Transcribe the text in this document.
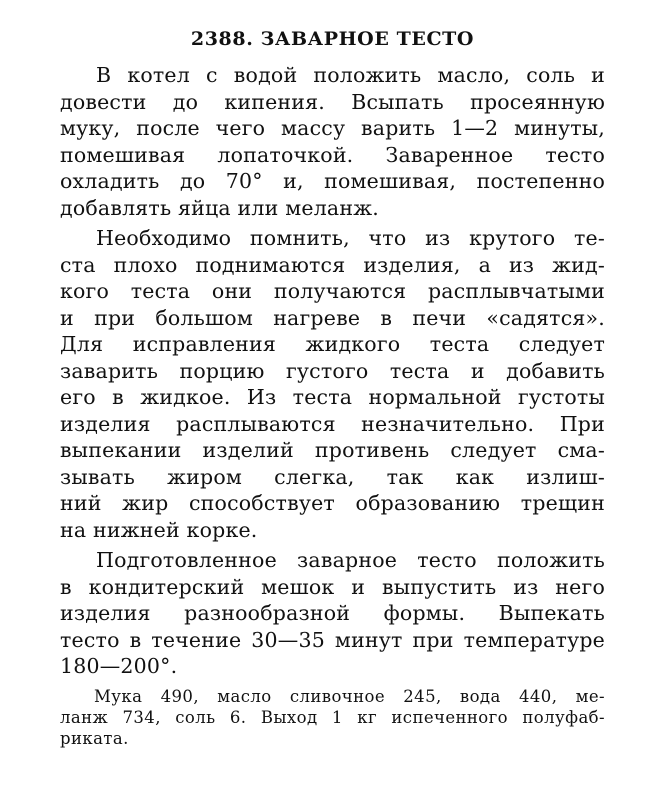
2388. ЗАВАРНОЕ ТЕСТО
В котел с водой положить масло, соль и
довести до кипения. Всыпать просеянную
муку, после чего массу варить 1—2 минуты,
помешивая лопаточкой. Заваренное тесто
охладить до 70° и, помешивая, постепенно
добавлять яйца или меланж.
Необходимо помнить, что из крутого те-
ста плохо поднимаются изделия, а из жид-
кого теста они получаются расплывчатыми
и при большом нагреве в печи «садятся».
Для исправления жидкого теста следует
заварить порцию густого теста и добавить
его в жидкое. Из теста нормальной густоты
изделия расплываются незначительно. При
выпекании изделий противень следует сма-
зывать жиром слегка, так как излиш-
ний жир способствует образованию трещин
на нижней корке.
Подготовленное заварное тесто положить
в кондитерский мешок и выпустить из него
изделия разнообразной формы. Выпекать
тесто в течение 30—35 минут при температуре
180—200°.
Мука 490, масло сливочное 245, вода 440, ме-
ланж 734, соль 6. Выход 1 кг испеченного полуфаб-
риката.
